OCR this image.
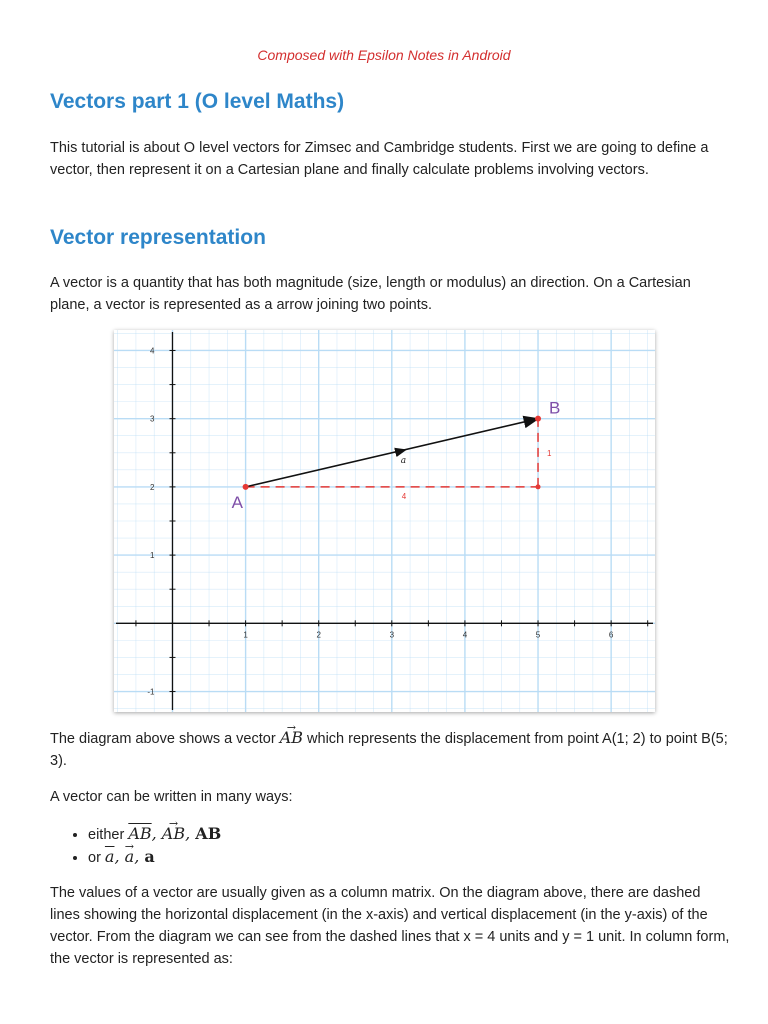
Composed with Epsilon Notes in Android
Vectors part 1 (O level Maths)

This tutorial is about O level vectors for Zimsec and Cambridge students. First we are going to define a vector, then represent it on a Cartesian plane and finally calculate problems involving vectors.

Vector representation

A vector is a quantity that has both magnitude (size, length or modulus) an direction. On a Cartesian plane, a vector is represented as a arrow joining two points.

1	2	3	4	5	6
-1
1
2
3
4
4
1
a
A
B

The diagram above shows a vector → AB which represents the displacement from point A(1; 2) to point B(5; 3).

A vector can be written in many ways:

• either $\overline{AB}$, → AB, AB
• or $\overline{a}$, → a, a

The values of a vector are usually given as a column matrix. On the diagram above, there are dashed lines showing the horizontal displacement (in the x-axis) and vertical displacement (in the y-axis) of the vector. From the diagram we can see from the dashed lines that x = 4 units and y = 1 unit. In column form, the vector is represented as:
